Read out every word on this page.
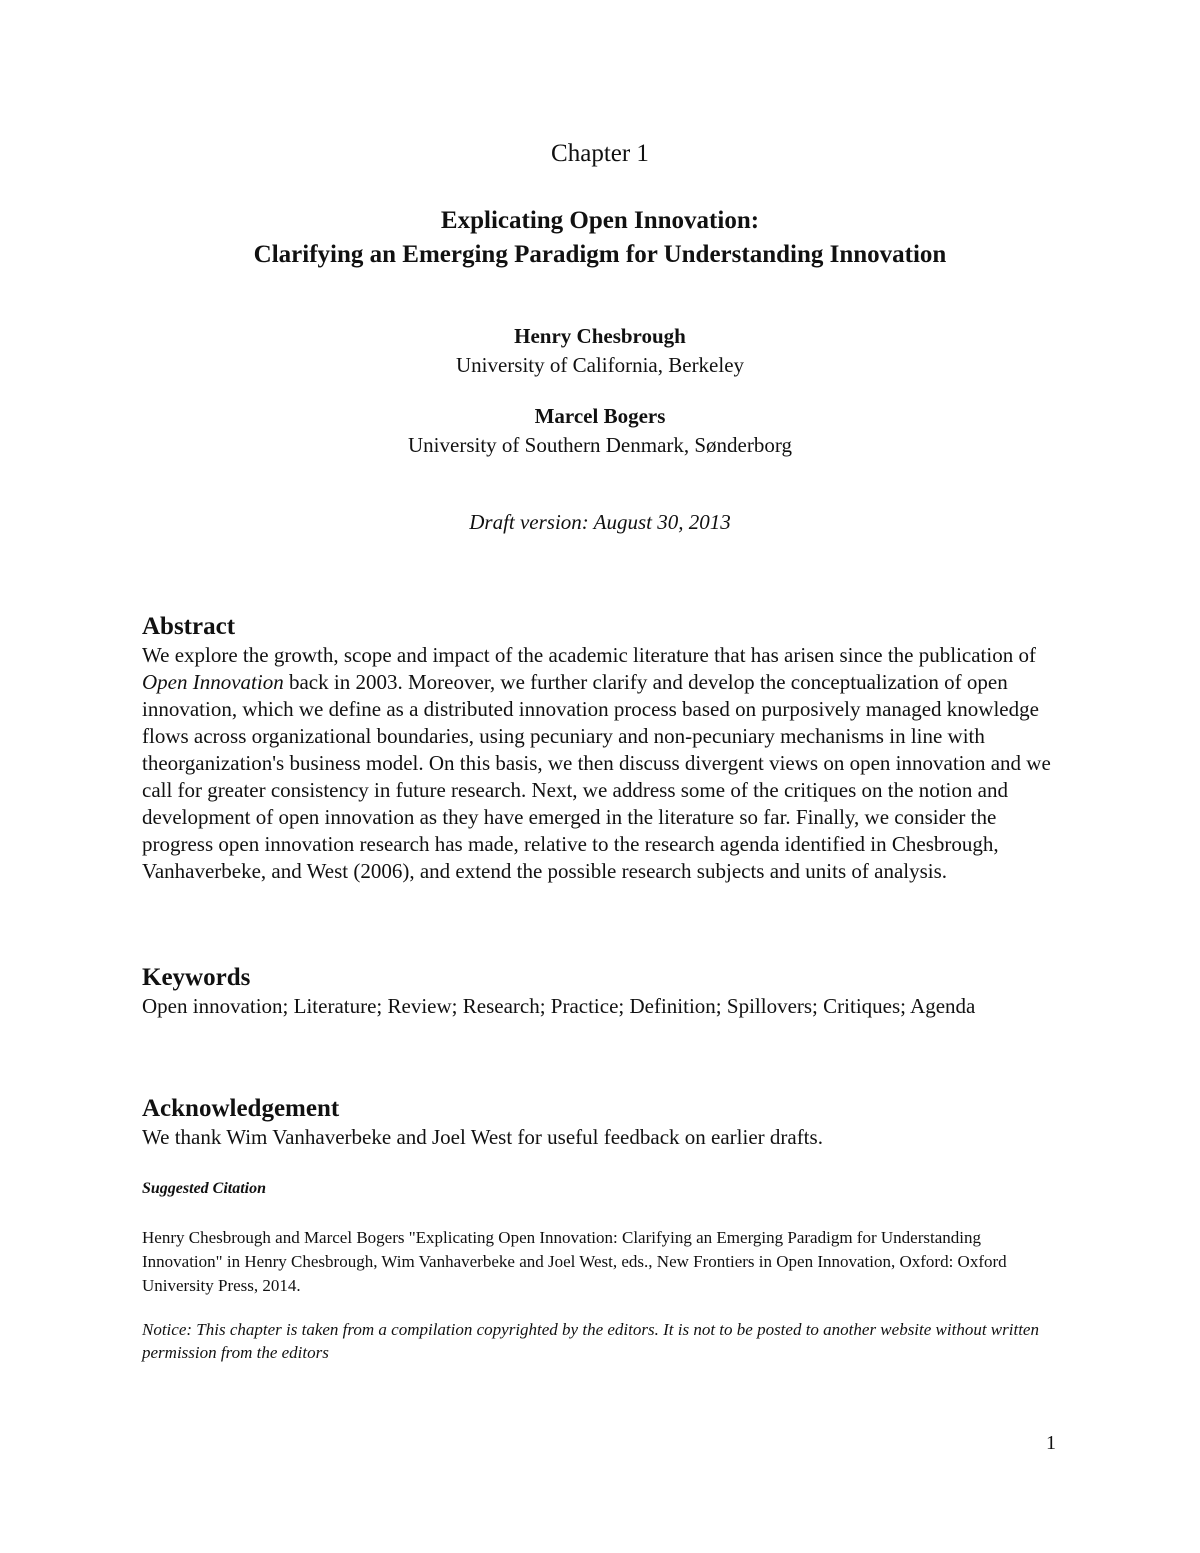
Chapter 1
Explicating Open Innovation:
Clarifying an Emerging Paradigm for Understanding Innovation
Henry Chesbrough
University of California, Berkeley
Marcel Bogers
University of Southern Denmark, Sønderborg
Draft version: August 30, 2013
Abstract

We explore the growth, scope and impact of the academic literature that has arisen since the publication of Open Innovation back in 2003. Moreover, we further clarify and develop the conceptualization of open innovation, which we define as a distributed innovation process based on purposively managed knowledge flows across organizational boundaries, using pecuniary and non-pecuniary mechanisms in line with theorganization's business model. On this basis, we then discuss divergent views on open innovation and we call for greater consistency in future research. Next, we address some of the critiques on the notion and development of open innovation as they have emerged in the literature so far. Finally, we consider the progress open innovation research has made, relative to the research agenda identified in Chesbrough, Vanhaverbeke, and West (2006), and extend the possible research subjects and units of analysis.

Keywords

Open innovation; Literature; Review; Research; Practice; Definition; Spillovers; Critiques; Agenda

Acknowledgement

We thank Wim Vanhaverbeke and Joel West for useful feedback on earlier drafts.

Suggested Citation
Henry Chesbrough and Marcel Bogers "Explicating Open Innovation: Clarifying an Emerging Paradigm for Understanding Innovation" in Henry Chesbrough, Wim Vanhaverbeke and Joel West, eds., New Frontiers in Open Innovation, Oxford: Oxford University Press, 2014.
Notice: This chapter is taken from a compilation copyrighted by the editors. It is not to be posted to another website without written permission from the editors
1
